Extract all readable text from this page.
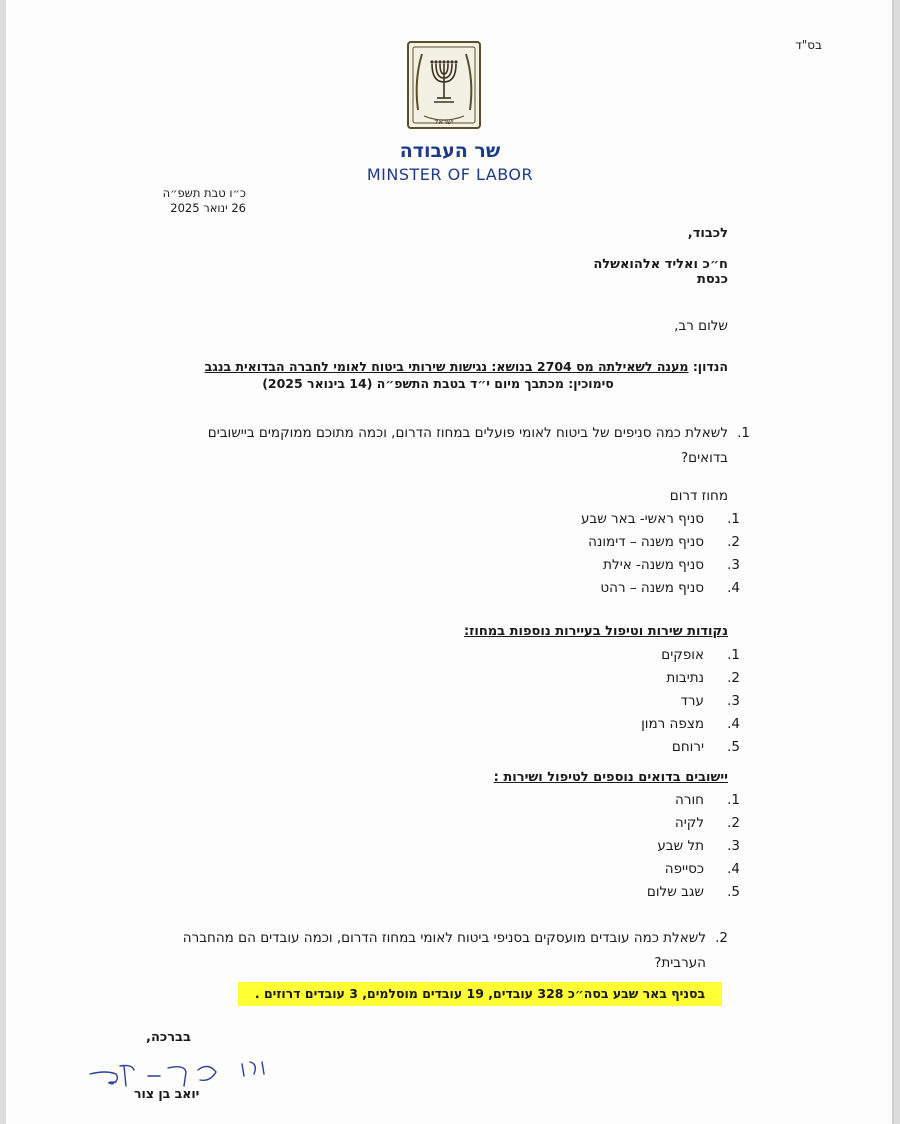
בס"ד
ישראל
שר העבודה
MINSTER OF LABOR
כ״ו טבת תשפ״ה
26 ינואר 2025
לכבוד,
ח״כ ואליד אלהואשלה
כנסת
שלום רב,
הנדון: מענה לשאילתה מס 2704 בנושא: נגישות שירותי ביטוח לאומי לחברה הבדואית בנגב
סימוכין: מכתבך מיום י״ד בטבת התשפ״ה (14 בינואר 2025)
1.
לשאלת כמה סניפים של ביטוח לאומי פועלים במחוז הדרום, וכמה מתוכם ממוקמים ביישובים בדואים?
מחוז דרום
1.
סניף ראשי- באר שבע
2.
סניף משנה – דימונה
3.
סניף משנה- אילת
4.
סניף משנה – רהט
נקודות שירות וטיפול בעיירות נוספות במחוז:
1.
אופקים
2.
נתיבות
3.
ערד
4.
מצפה רמון
5.
ירוחם
יישובים בדואים נוספים לטיפול ושירות :
1.
חורה
2.
לקיה
3.
תל שבע
4.
כסייפה
5.
שגב שלום
2.
לשאלת כמה עובדים מועסקים בסניפי ביטוח לאומי במחוז הדרום, וכמה עובדים הם מהחברה הערבית?
בסניף באר שבע בסה״כ 328 עובדים, 19 עובדים מוסלמים, 3 עובדים דרוזים .
בברכה,
יואב בן צור
